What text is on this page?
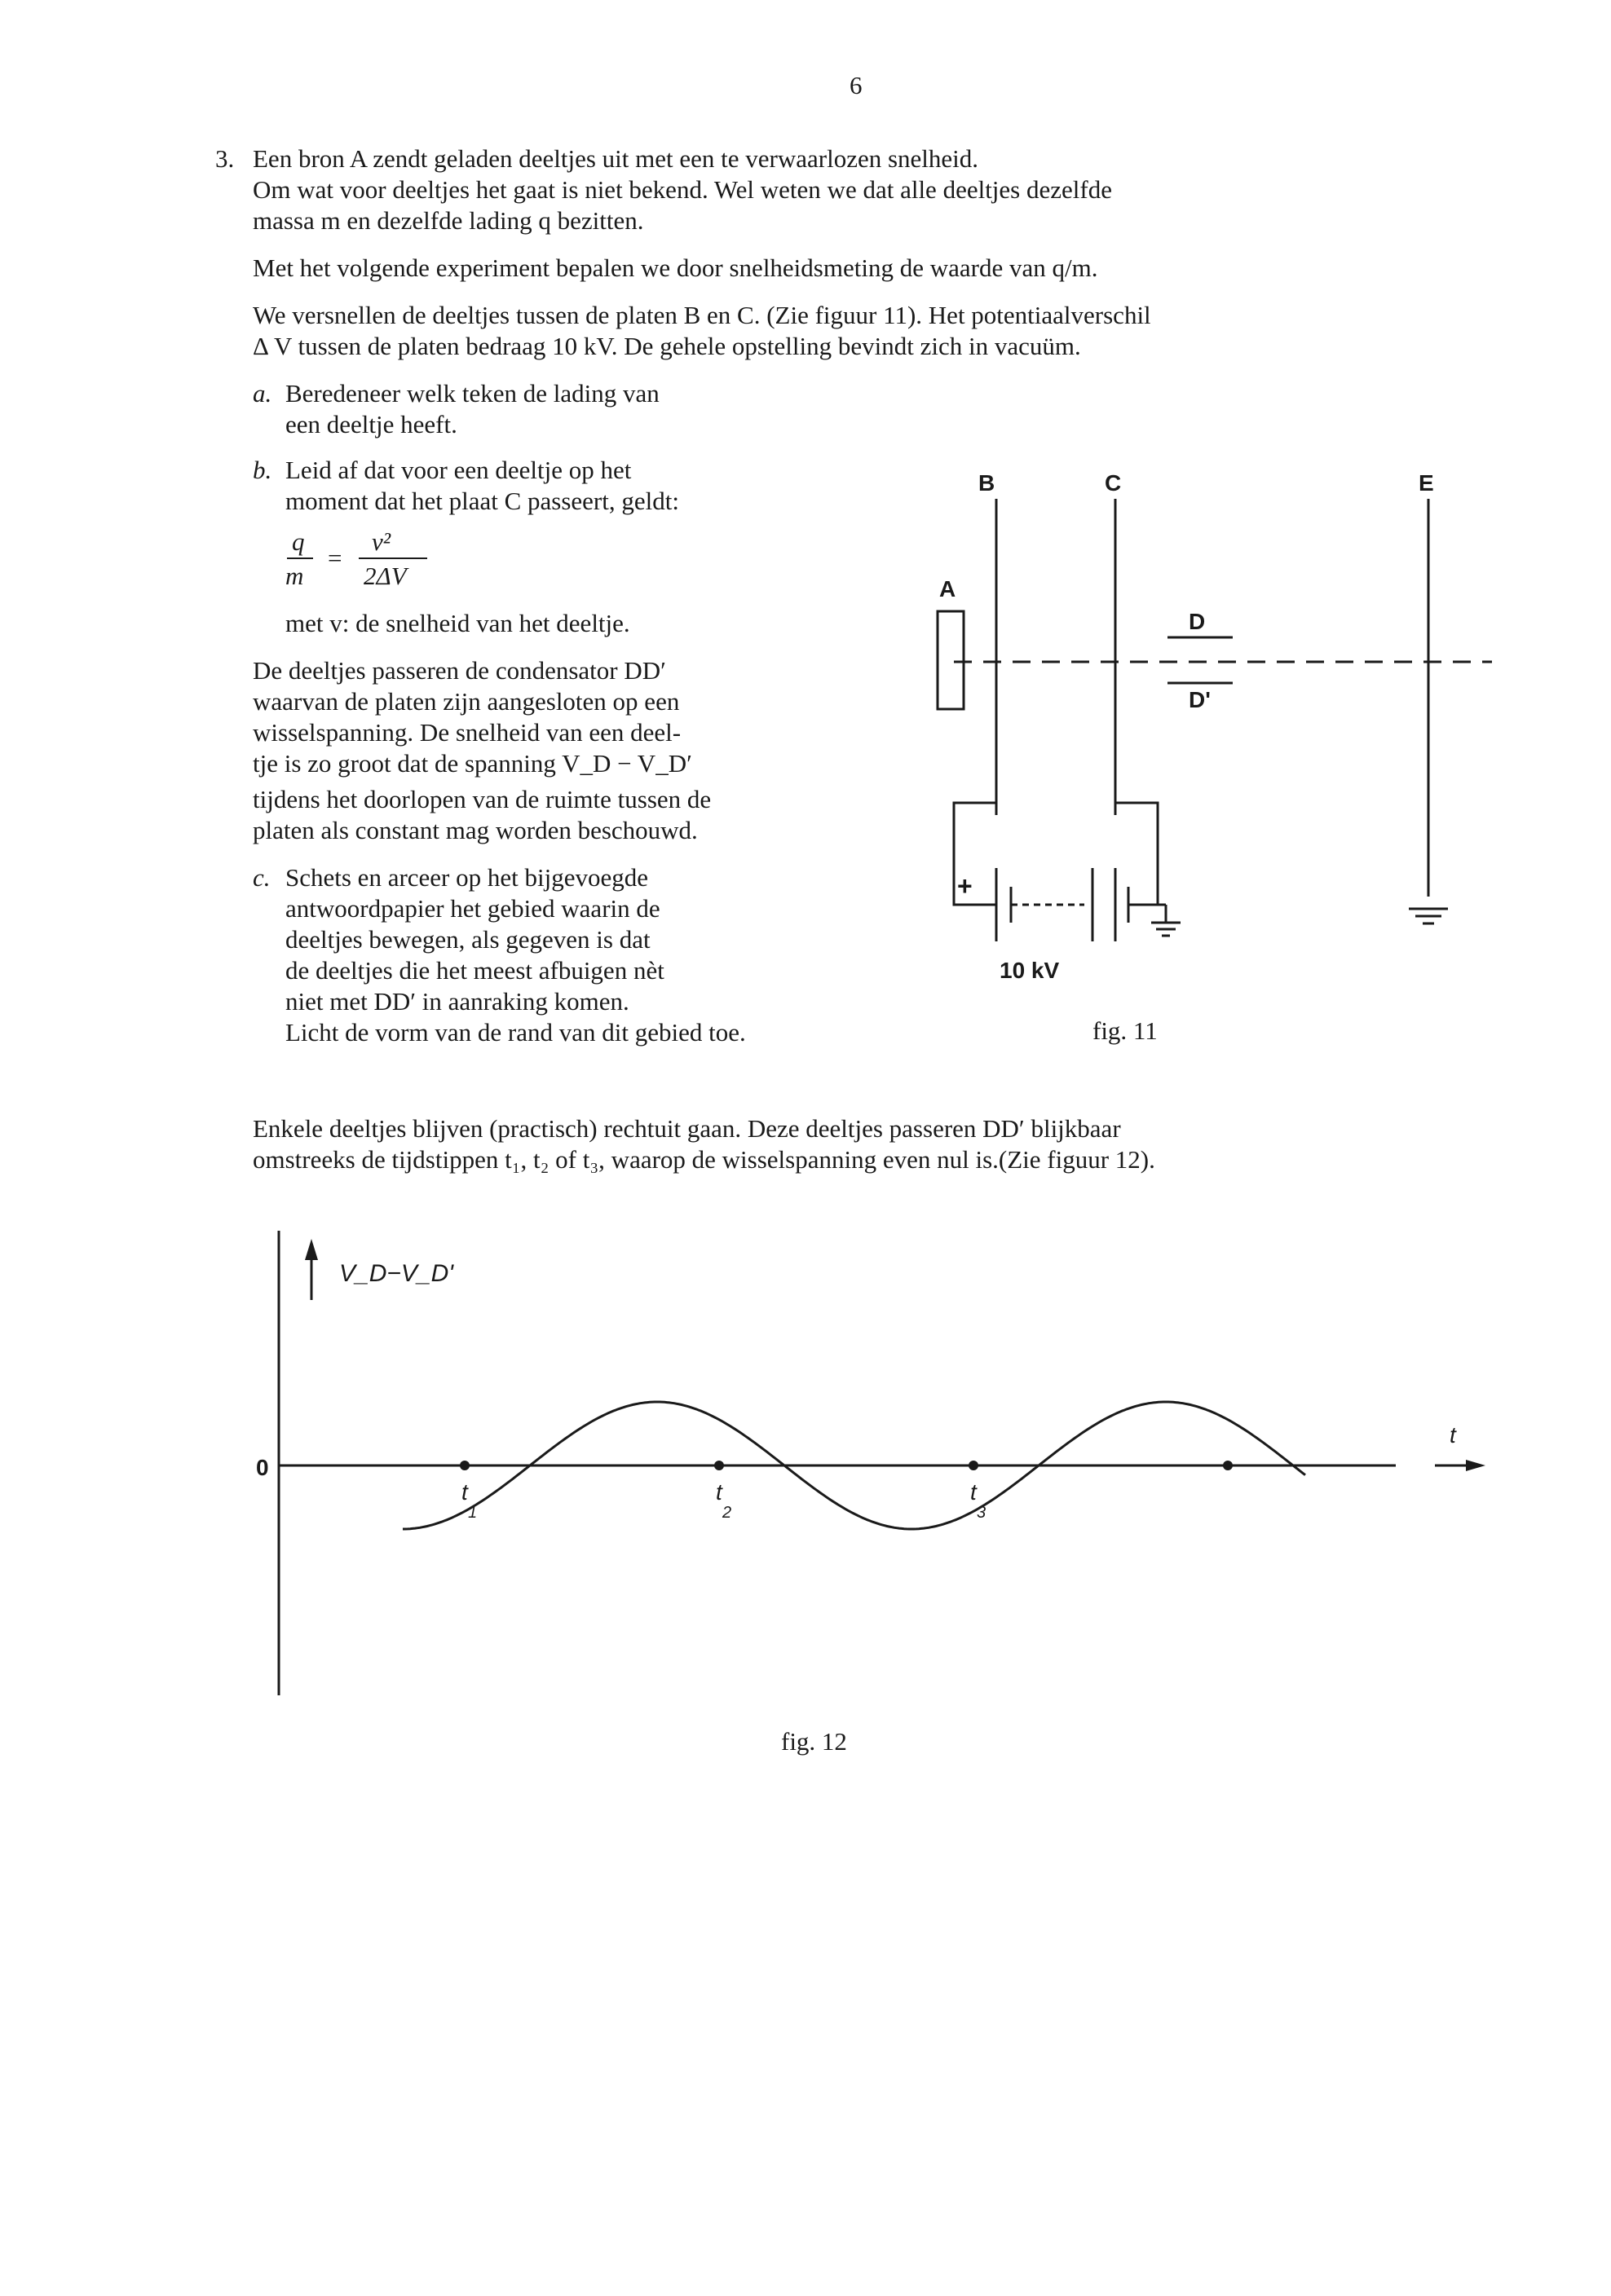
6
3. Een bron A zendt geladen deeltjes uit met een te verwaarlozen snelheid.
Om wat voor deeltjes het gaat is niet bekend. Wel weten we dat alle deeltjes dezelfde
massa m en dezelfde lading q bezitten.
Met het volgende experiment bepalen we door snelheidsmeting de waarde van q/m.
We versnellen de deeltjes tussen de platen B en C. (Zie figuur 11). Het potentiaalverschil
Δ V tussen de platen bedraag 10 kV. De gehele opstelling bevindt zich in vacuüm.
a. Beredeneer welk teken de lading van
een deeltje heeft.
b. Leid af dat voor een deeltje op het
moment dat het plaat C passeert, geldt:
q
m
=
v²
2ΔV
met v: de snelheid van het deeltje.
De deeltjes passeren de condensator DD′
waarvan de platen zijn aangesloten op een
wisselspanning. De snelheid van een deel-
tje is zo groot dat de spanning V_D − V_D′
tijdens het doorlopen van de ruimte tussen de
platen als constant mag worden beschouwd.
c. Schets en arceer op het bijgevoegde
antwoordpapier het gebied waarin de
deeltjes bewegen, als gegeven is dat
de deeltjes die het meest afbuigen nèt
niet met DD′ in aanraking komen.
Licht de vorm van de rand van dit gebied toe.
B	C	E
A
D
D'
+
10 kV
fig. 11
Enkele deeltjes blijven (practisch) rechtuit gaan. Deze deeltjes passeren DD′ blijkbaar
omstreeks de tijdstippen t₁, t₂ of t₃, waarop de wisselspanning even nul is.(Zie figuur 12).
V_D−V_D'
0
t
t
1
t
2
t
3
fig. 12
